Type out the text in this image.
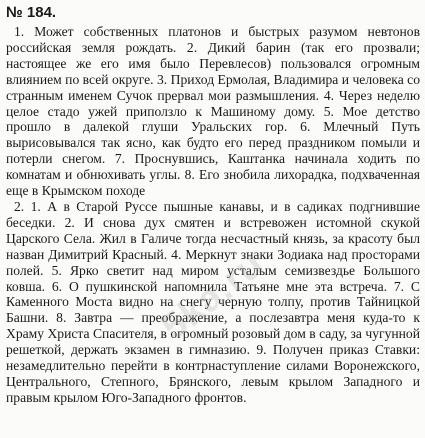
№ 184.

1. Может собственных платонов и быстрых разумом невтонов российская земля рождать. 2. Дикий барин (так его прозвали; настоящее же его имя было Перевлесов) пользовался огромным влиянием по всей округе. 3. Приход Ермолая, Владимира и человека со странным именем Сучок прервал мои размышления. 4. Через неделю целое стадо ужей приползло к Машиному дому. 5. Мое детство прошло в далекой глуши Уральских гор. 6. Млечный Путь вырисовывался так ясно, как будто его перед праздником помыли и потерли снегом. 7. Проснувшись, Каштанка начинала ходить по комнатам и обнюхивать углы. 8. Его знобила лихорадка, подхваченная еще в Крымском походе

2. 1. А в Старой Руссе пышные канавы, и в садиках подгнившие беседки. 2. И снова дух смятен и встревожен истомной скукой Царского Села. Жил в Галиче тогда несчастный князь, за красоту был назван Димитрий Красный. 4. Меркнут знаки Зодиака над просторами полей. 5. Ярко светит над миром усталым семизвездье Большого ковша. 6. О пушкинской напомнила Татьяне мне эта встреча. 7. С Каменного Моста видно на снегу черную толпу, против Тайницкой Башни. 8. Завтра — преображение, а послезавтра меня куда-то к Храму Христа Спасителя, в огромный розовый дом в саду, за чугунной решеткой, держать экзамен в гимназию. 9. Получен приказ Ставки: незамедлительно перейти в контрнаступление силами Воронежского, Центрального, Степного, Брянского, левым крылом Западного и правым крылом Юго-Западного фронтов.

5ka.ru
